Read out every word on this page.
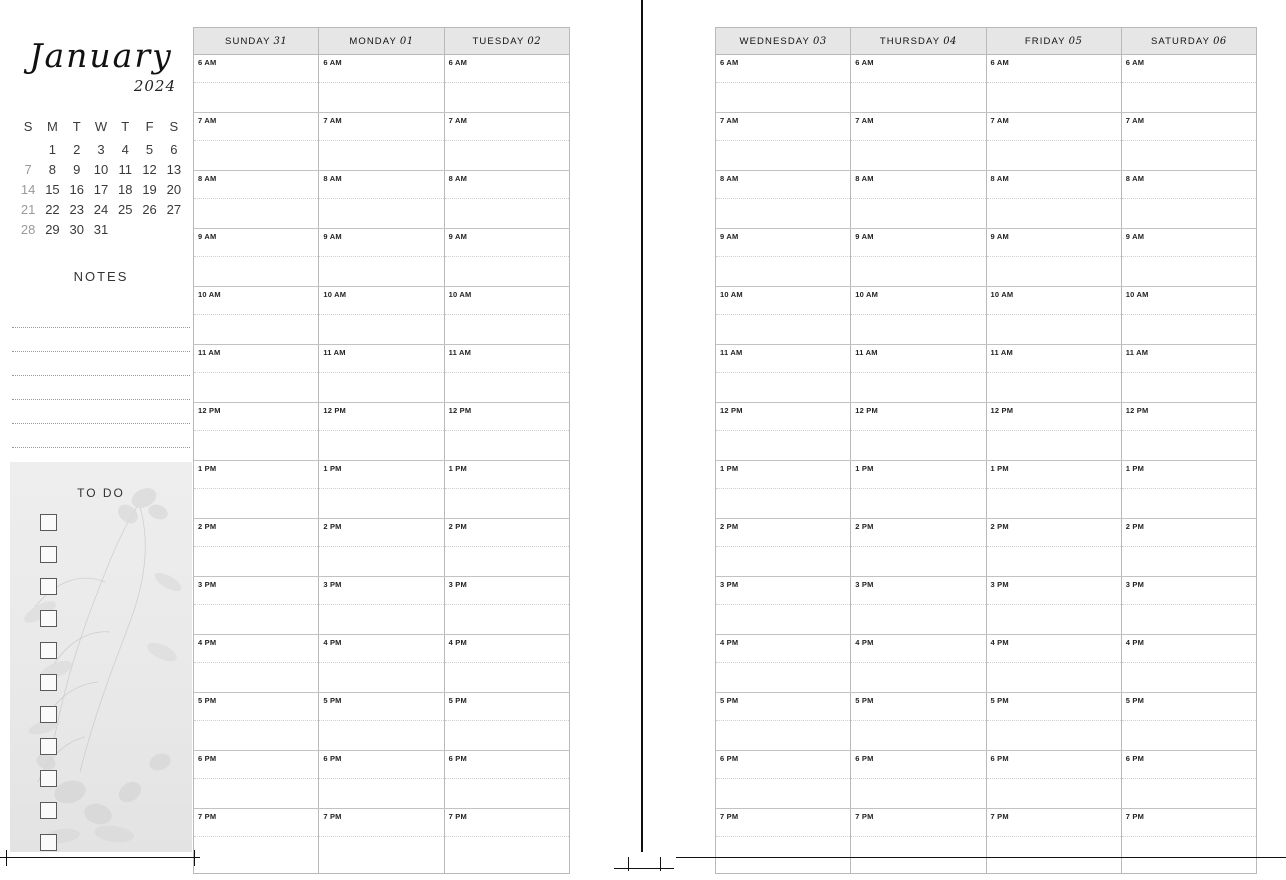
January
2024
S	M	T	W	T	F	S
	1	2	3	4	5	6
7	8	9	10	11	12	13
14	15	16	17	18	19	20
21	22	23	24	25	26	27
28	29	30	31			
NOTES
TO DO
SUNDAY 31	MONDAY 01	TUESDAY 02

6 AM	6 AM	6 AM

7 AM	7 AM	7 AM

8 AM	8 AM	8 AM

9 AM	9 AM	9 AM

10 AM	10 AM	10 AM

11 AM	11 AM	11 AM

12 PM	12 PM	12 PM

1 PM	1 PM	1 PM

2 PM	2 PM	2 PM

3 PM	3 PM	3 PM

4 PM	4 PM	4 PM

5 PM	5 PM	5 PM

6 PM	6 PM	6 PM

7 PM	7 PM	7 PM

WEDNESDAY 03	THURSDAY 04	FRIDAY 05	SATURDAY 06

6 AM	6 AM	6 AM	6 AM

7 AM	7 AM	7 AM	7 AM

8 AM	8 AM	8 AM	8 AM

9 AM	9 AM	9 AM	9 AM

10 AM	10 AM	10 AM	10 AM

11 AM	11 AM	11 AM	11 AM

12 PM	12 PM	12 PM	12 PM

1 PM	1 PM	1 PM	1 PM

2 PM	2 PM	2 PM	2 PM

3 PM	3 PM	3 PM	3 PM

4 PM	4 PM	4 PM	4 PM

5 PM	5 PM	5 PM	5 PM

6 PM	6 PM	6 PM	6 PM

7 PM	7 PM	7 PM	7 PM
